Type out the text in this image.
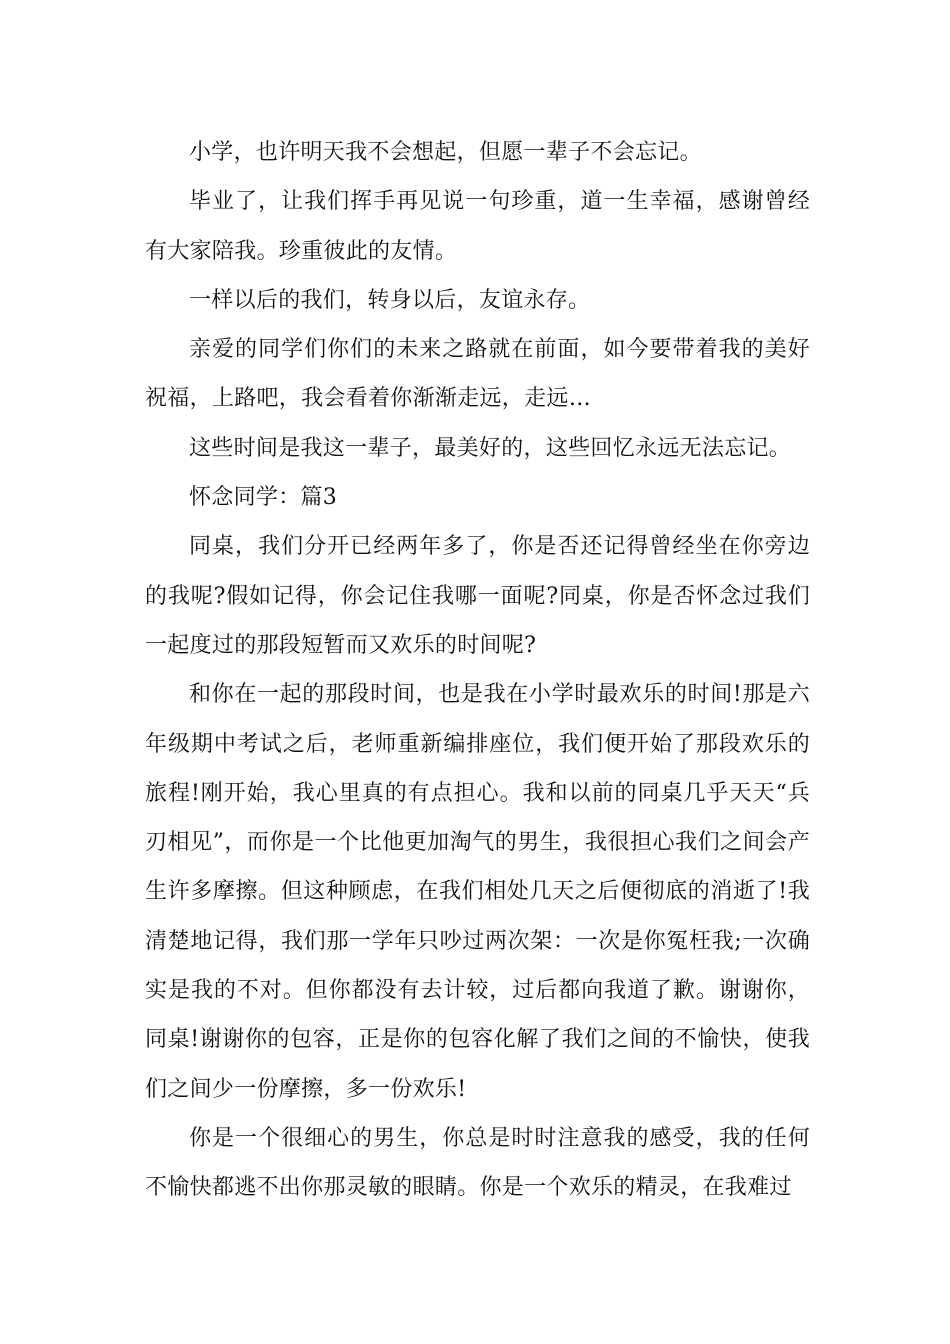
小学，也许明天我不会想起，但愿一辈子不会忘记。

毕业了，让我们挥手再见说一句珍重，道一生幸福，感谢曾经有大家陪我。珍重彼此的友情。

一样以后的我们，转身以后，友谊永存。

亲爱的同学们你们的未来之路就在前面，如今要带着我的美好祝福，上路吧，我会看着你渐渐走远，走远…

这些时间是我这一辈子，最美好的，这些回忆永远无法忘记。

怀念同学：篇3

同桌，我们分开已经两年多了，你是否还记得曾经坐在你旁边的我呢?假如记得，你会记住我哪一面呢?同桌，你是否怀念过我们一起度过的那段短暂而又欢乐的时间呢?

和你在一起的那段时间，也是我在小学时最欢乐的时间!那是六年级期中考试之后，老师重新编排座位，我们便开始了那段欢乐的旅程!刚开始，我心里真的有点担心。我和以前的同桌几乎天天“兵刃相见”，而你是一个比他更加淘气的男生，我很担心我们之间会产生许多摩擦。但这种顾虑，在我们相处几天之后便彻底的消逝了!我清楚地记得，我们那一学年只吵过两次架：一次是你冤枉我;一次确实是我的不对。但你都没有去计较，过后都向我道了歉。谢谢你，同桌!谢谢你的包容，正是你的包容化解了我们之间的不愉快，使我们之间少一份摩擦，多一份欢乐!

你是一个很细心的男生，你总是时时注意我的感受，我的任何不愉快都逃不出你那灵敏的眼睛。你是一个欢乐的精灵，在我难过
